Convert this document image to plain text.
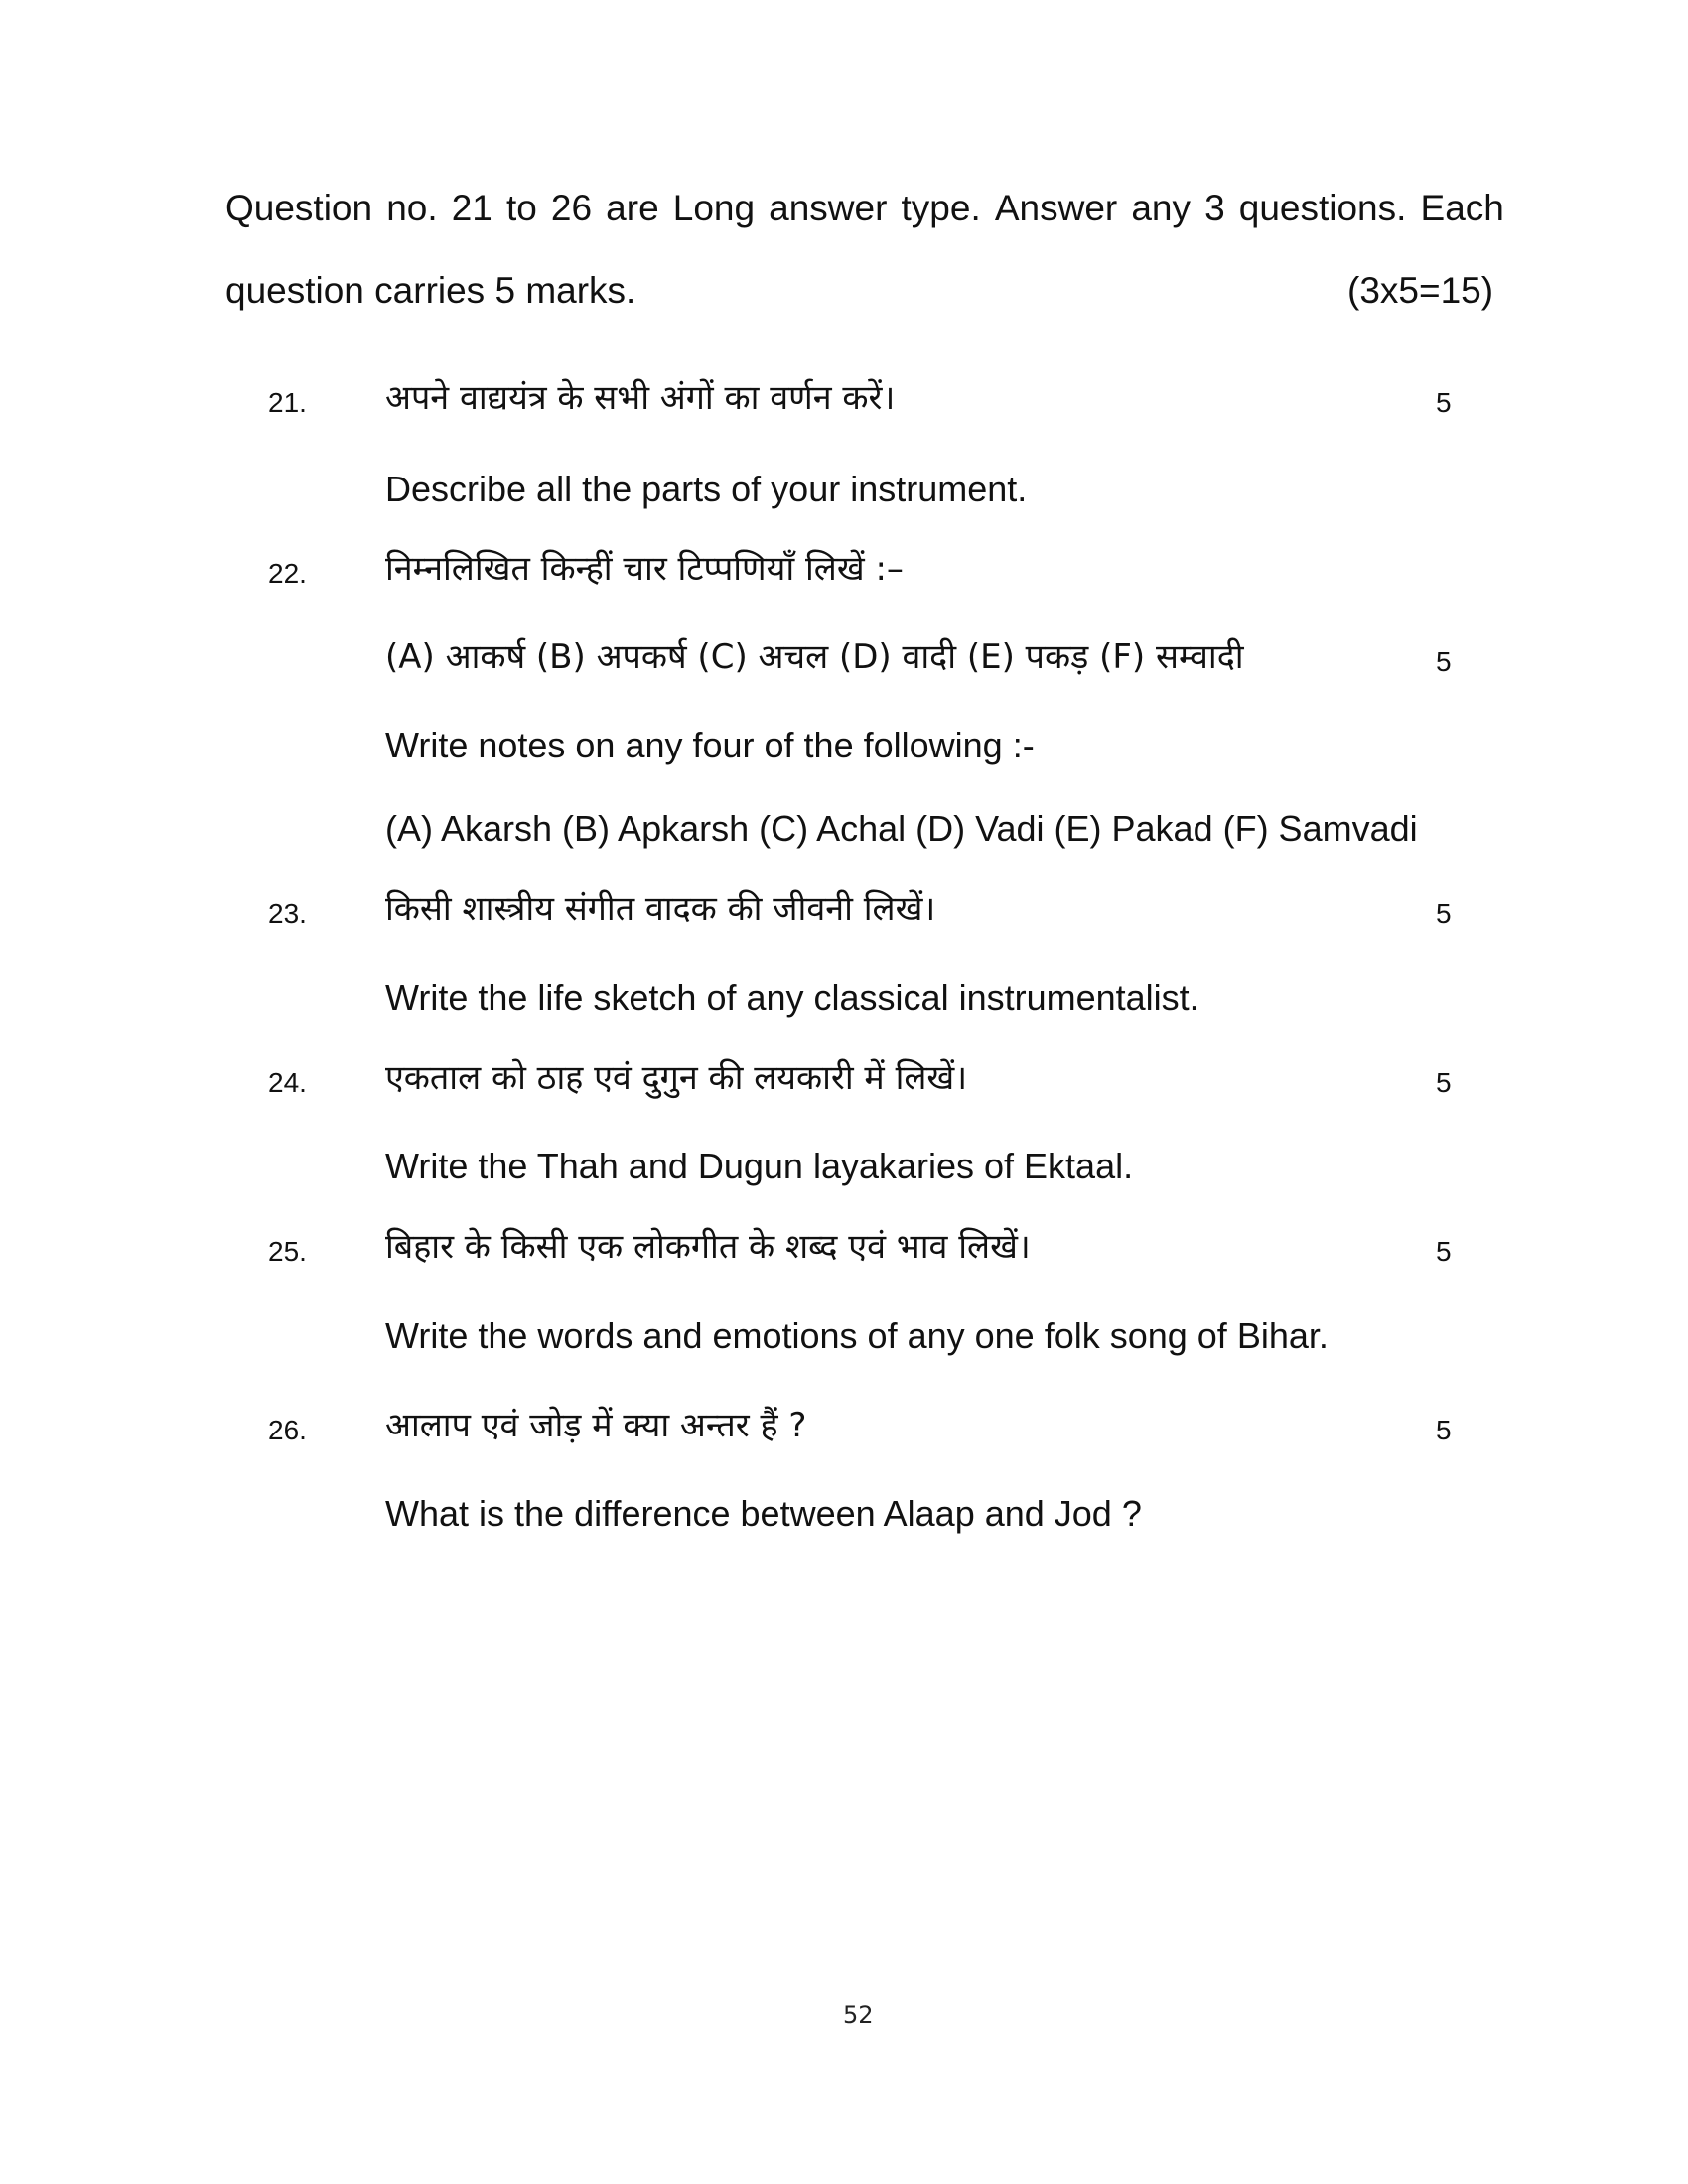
Question no. 21 to 26 are Long answer type. Answer any 3 questions. Each
question carries 5 marks.	(3x5=15)
21. अपने वाद्ययंत्र के सभी अंगों का वर्णन करें।	5
Describe all the parts of your instrument.
22. निम्नलिखित किन्हीं चार टिप्पणियाँ लिखें :–
(A) आकर्ष (B) अपकर्ष (C) अचल (D) वादी (E) पकड़ (F) सम्वादी	5
Write notes on any four of the following :-
(A) Akarsh (B) Apkarsh (C) Achal (D) Vadi (E) Pakad (F) Samvadi
23. किसी शास्त्रीय संगीत वादक की जीवनी लिखें।	5
Write the life sketch of any classical instrumentalist.
24. एकताल को ठाह एवं दुगुन की लयकारी में लिखें।	5
Write the Thah and Dugun layakaries of Ektaal.
25. बिहार के किसी एक लोकगीत के शब्द एवं भाव लिखें।	5
Write the words and emotions of any one folk song of Bihar.
26. आलाप एवं जोड़ में क्या अन्तर हैं ?	5
What is the difference between Alaap and Jod ?
52
